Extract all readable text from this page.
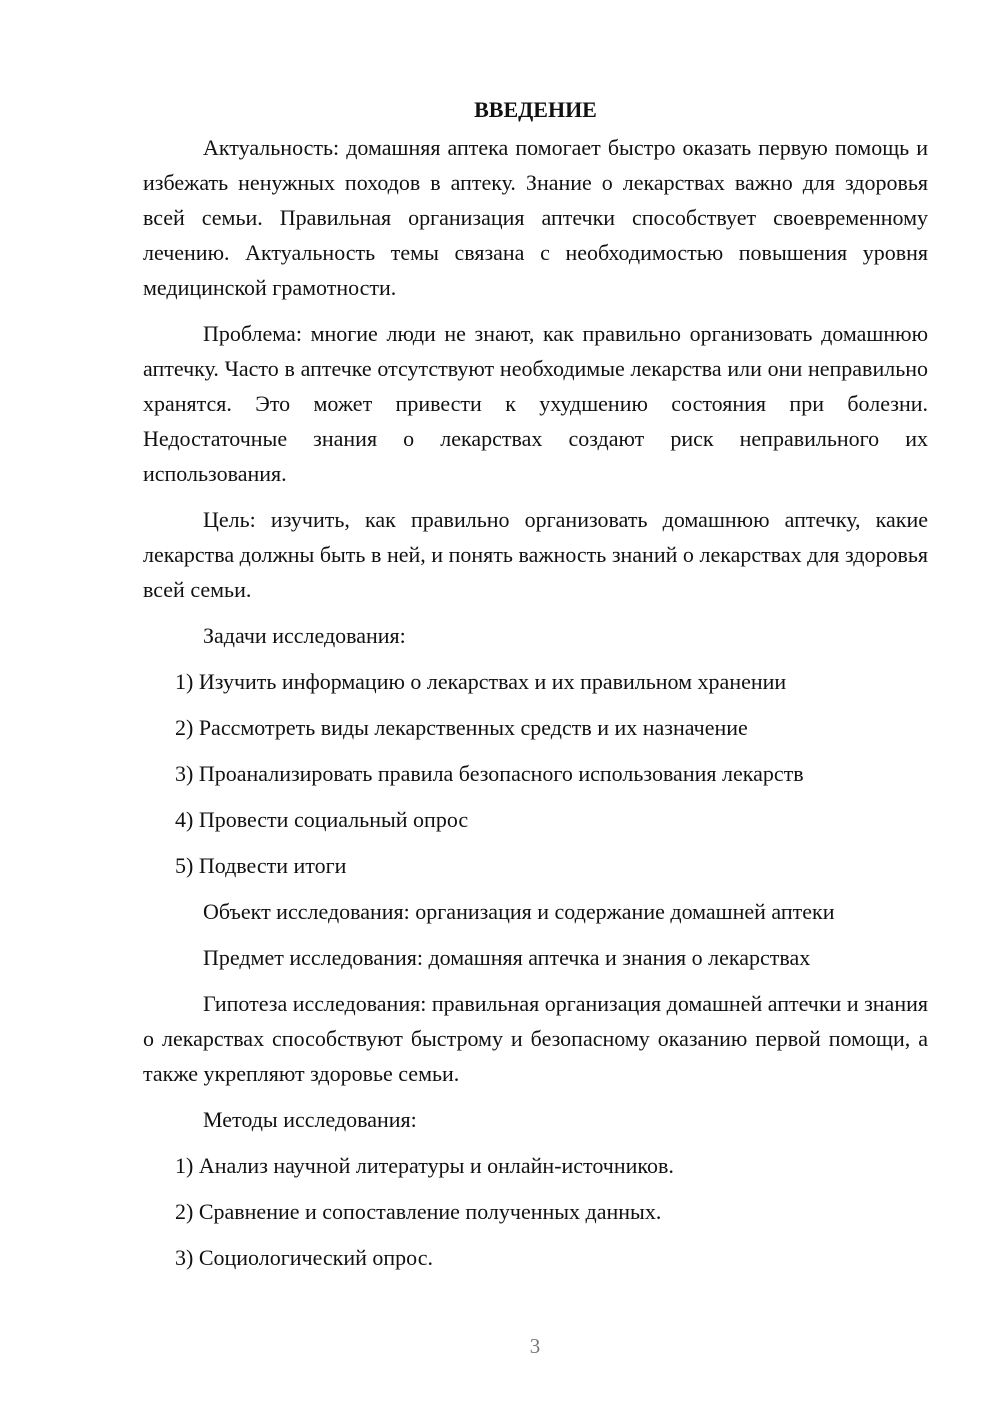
ВВЕДЕНИЕ

Актуальность: домашняя аптека помогает быстро оказать первую помощь и избежать ненужных походов в аптеку. Знание о лекарствах важно для здоровья всей семьи. Правильная организация аптечки способствует своевременному лечению. Актуальность темы связана с необходимостью повышения уровня медицинской грамотности.

Проблема: многие люди не знают, как правильно организовать домашнюю аптечку. Часто в аптечке отсутствуют необходимые лекарства или они неправильно хранятся. Это может привести к ухудшению состояния при болезни. Недостаточные знания о лекарствах создают риск неправильного их использования.

Цель: изучить, как правильно организовать домашнюю аптечку, какие лекарства должны быть в ней, и понять важность знаний о лекарствах для здоровья всей семьи.

Задачи исследования:

1) Изучить информацию о лекарствах и их правильном хранении

2) Рассмотреть виды лекарственных средств и их назначение

3) Проанализировать правила безопасного использования лекарств

4) Провести социальный опрос

5) Подвести итоги

Объект исследования: организация и содержание домашней аптеки

Предмет исследования: домашняя аптечка и знания о лекарствах

Гипотеза исследования: правильная организация домашней аптечки и знания о лекарствах способствуют быстрому и безопасному оказанию первой помощи, а также укрепляют здоровье семьи.

Методы исследования:

1) Анализ научной литературы и онлайн-источников.

2) Сравнение и сопоставление полученных данных.

3) Социологический опрос.

3
